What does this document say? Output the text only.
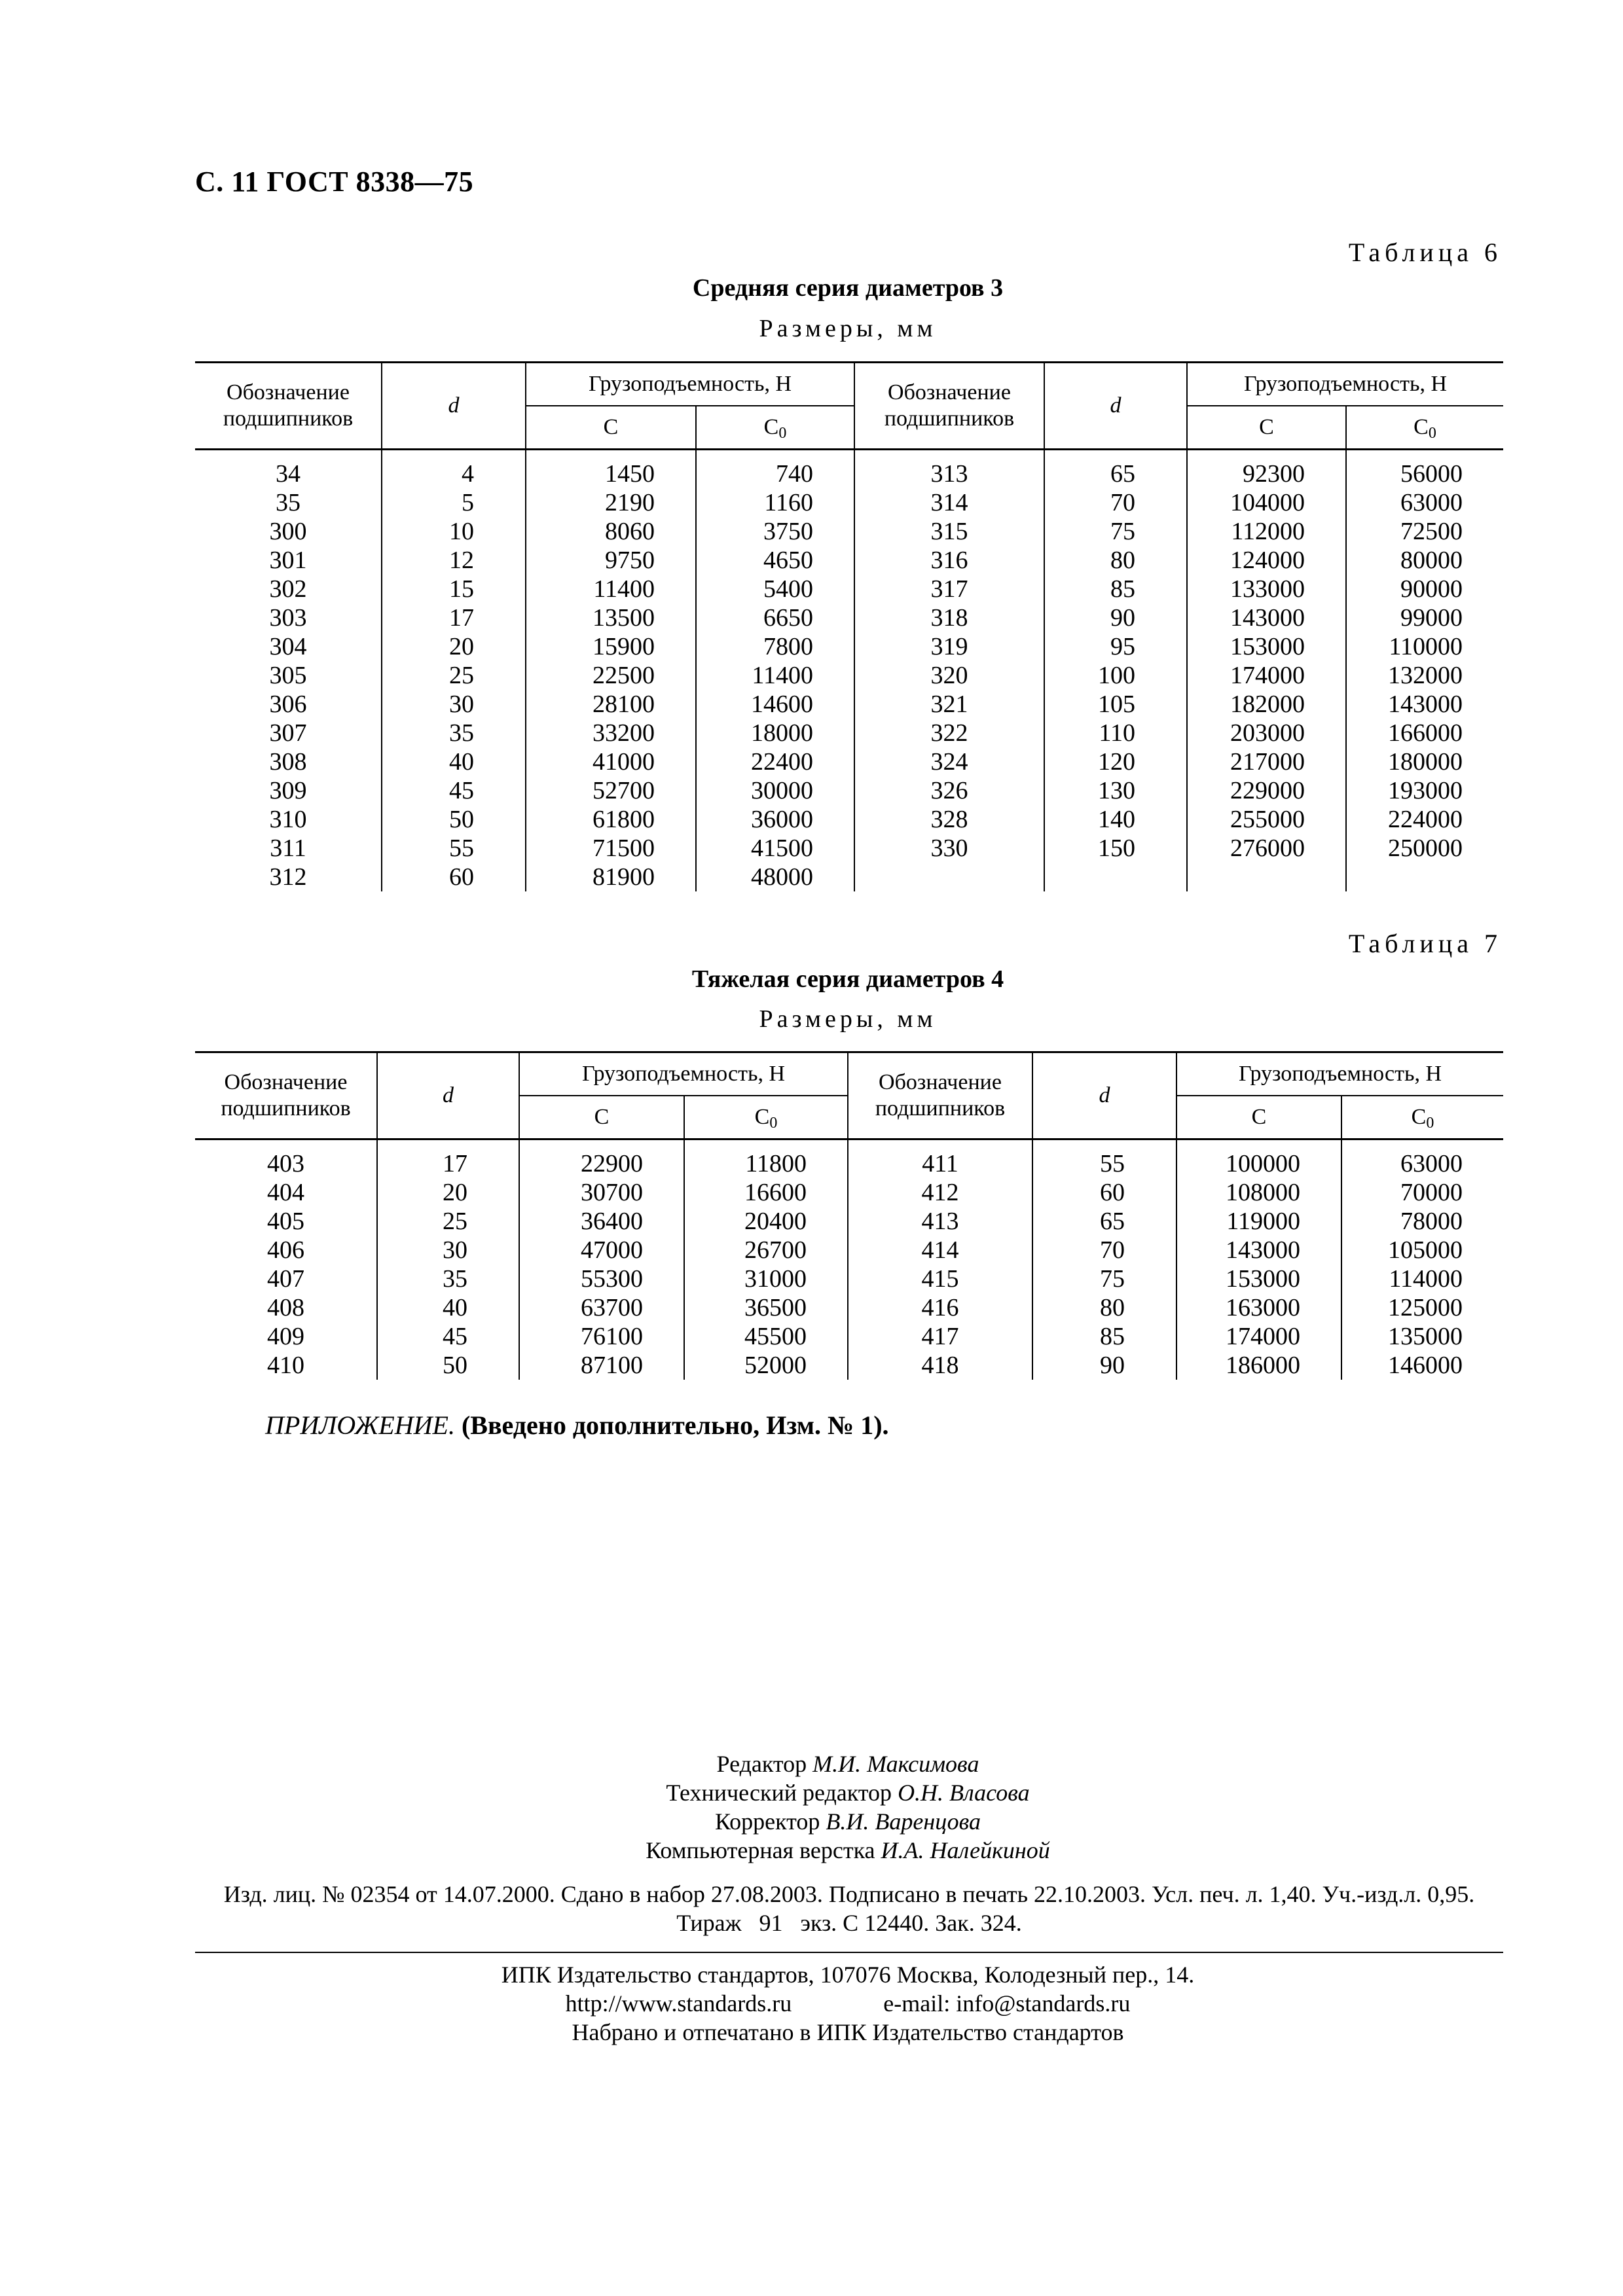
С. 11 ГОСТ 8338—75
Таблица 6
Средняя серия диаметров 3
Размеры, мм
Обозначение подшипников	d	Грузоподъемность, Н		Обозначение подшипников	d	Грузоподъемность, Н	
		C	$C_0$			C	$C_0$
34	4	1450	740	313	65	92300	56000
35	5	2190	1160	314	70	104000	63000
300	10	8060	3750	315	75	112000	72500
301	12	9750	4650	316	80	124000	80000
302	15	11400	5400	317	85	133000	90000
303	17	13500	6650	318	90	143000	99000
304	20	15900	7800	319	95	153000	110000
305	25	22500	11400	320	100	174000	132000
306	30	28100	14600	321	105	182000	143000
307	35	33200	18000	322	110	203000	166000
308	40	41000	22400	324	120	217000	180000
309	45	52700	30000	326	130	229000	193000
310	50	61800	36000	328	140	255000	224000
311	55	71500	41500	330	150	276000	250000
312	60	81900	48000				
Таблица 7
Тяжелая серия диаметров 4
Размеры, мм
Обозначение подшипников	d	Грузоподъемность, Н		Обозначение подшипников	d	Грузоподъемность, Н	
		C	$C_0$			C	$C_0$
403	17	22900	11800	411	55	100000	63000
404	20	30700	16600	412	60	108000	70000
405	25	36400	20400	413	65	119000	78000
406	30	47000	26700	414	70	143000	105000
407	35	55300	31000	415	75	153000	114000
408	40	63700	36500	416	80	163000	125000
409	45	76100	45500	417	85	174000	135000
410	50	87100	52000	418	90	186000	146000
ПРИЛОЖЕНИЕ. (Введено дополнительно, Изм. № 1).
Редактор М.И. Максимова
Технический редактор О.Н. Власова
Корректор В.И. Варенцова
Компьютерная верстка И.А. Налейкиной
Изд. лиц. № 02354 от 14.07.2000. Сдано в набор 27.08.2003. Подписано в печать 22.10.2003. Усл. печ. л. 1,40. Уч.-изд.л. 0,95.
Тираж   91   экз. С 12440. Зак. 324.
ИПК Издательство стандартов, 107076 Москва, Колодезный пер., 14.
http://www.standards.ru	e-mail: info@standards.ru
Набрано и отпечатано в ИПК Издательство стандартов
